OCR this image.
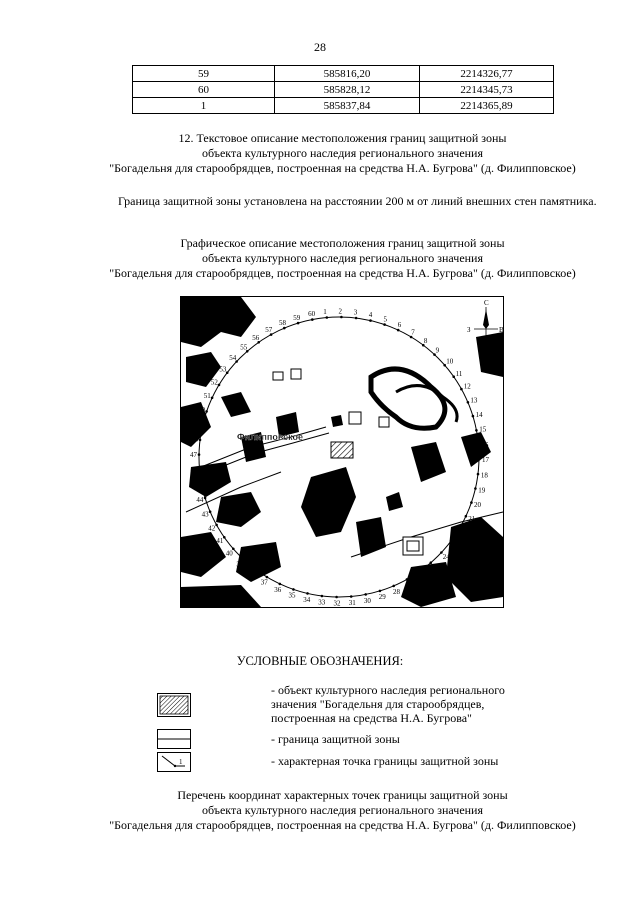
28
59	585816,20	2214326,77
60	585828,12	2214345,73
1	585837,84	2214365,89
12. Текстовое описание местоположения границ защитной зоны
объекта культурного наследия регионального значения
"Богадельня для старообрядцев, построенная на средства Н.А. Бугрова" (д. Филипповское)
Граница защитной зоны установлена на расстоянии 200 м от линий внешних стен памятника.
Графическое описание местоположения границ защитной зоны
объекта культурного наследия регионального значения
"Богадельня для старообрядцев, построенная на средства Н.А. Бугрова" (д. Филипповское)
1 2 3 4
5
6
7
8
9
10
11
12
13
14
15
16
17
18
19
20
21
22
23
24
25
26
27
28
29
30
31
32
33
34
35
36
37
38
39
40
41
42
43
44
45
46
47
48
49
50
51
52
53
54
55
56
57
58
59 60
Филипповское
С
Ю
З	В
УСЛОВНЫЕ ОБОЗНАЧЕНИЯ:
- объект культурного наследия регионального
значения "Богадельня для старообрядцев,
построенная на средства Н.А. Бугрова"
- граница защитной зоны
1	- характерная точка границы защитной зоны
Перечень координат характерных точек границы защитной зоны
объекта культурного наследия регионального значения
"Богадельня для старообрядцев, построенная на средства Н.А. Бугрова" (д. Филипповское)
